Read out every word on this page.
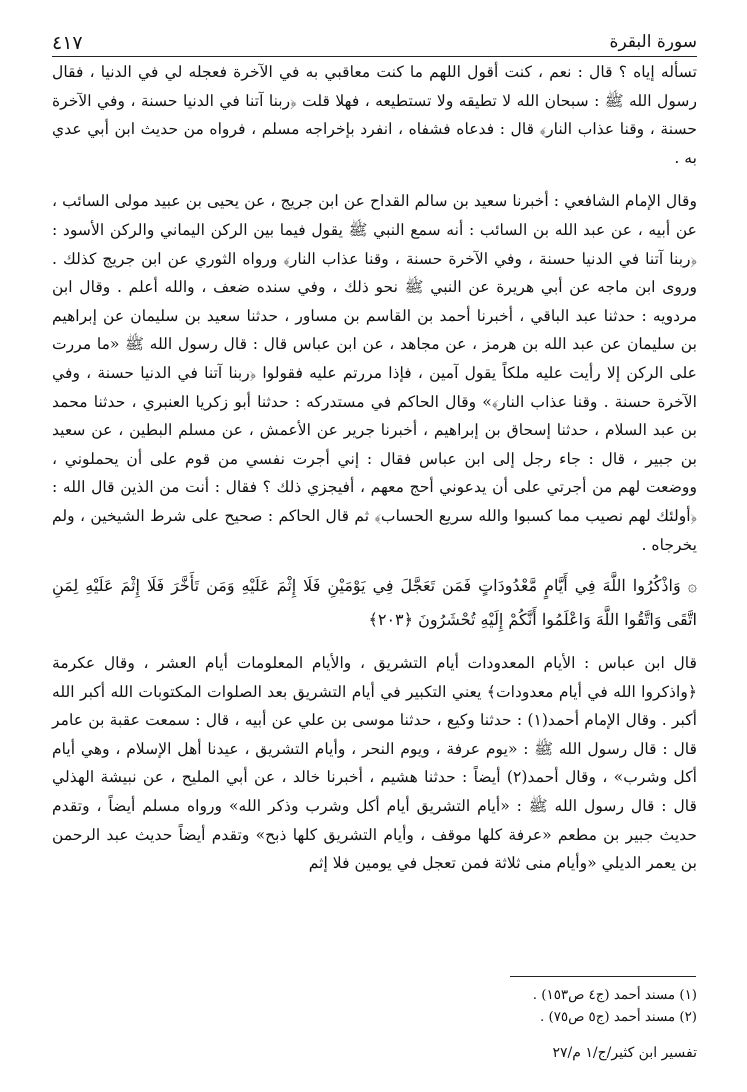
سورة البقرة
٤١٧

تسأله إياه ؟ قال : نعم ، كنت أقول اللهم ما كنت معاقبي به في الآخرة فعجله لي في الدنيا ، فقال رسول الله ﷺ : سبحان الله لا تطيقه ولا تستطيعه ، فهلا قلت ﴿ربنا آتنا في الدنيا حسنة ، وفي الآخرة حسنة ، وقنا عذاب النار﴾ قال : فدعاه فشفاه ، انفرد بإخراجه مسلم ، فرواه من حديث ابن أبي عدي به .

وقال الإمام الشافعي : أخبرنا سعيد بن سالم القداح عن ابن جريج ، عن يحيى بن عبيد مولى السائب ، عن أبيه ، عن عبد الله بن السائب : أنه سمع النبي ﷺ يقول فيما بين الركن اليماني والركن الأسود : ﴿ربنا آتنا في الدنيا حسنة ، وفي الآخرة حسنة ، وقنا عذاب النار﴾ ورواه الثوري عن ابن جريج كذلك . وروى ابن ماجه عن أبي هريرة عن النبي ﷺ نحو ذلك ، وفي سنده ضعف ، والله أعلم . وقال ابن مردويه : حدثنا عبد الباقي ، أخبرنا أحمد بن القاسم بن مساور ، حدثنا سعيد بن سليمان عن إبراهيم بن سليمان عن عبد الله بن هرمز ، عن مجاهد ، عن ابن عباس قال : قال رسول الله ﷺ «ما مررت على الركن إلا رأيت عليه ملكاً يقول آمين ، فإذا مررتم عليه فقولوا ﴿ربنا آتنا في الدنيا حسنة ، وفي الآخرة حسنة . وقنا عذاب النار﴾» وقال الحاكم في مستدركه : حدثنا أبو زكريا العنبري ، حدثنا محمد بن عبد السلام ، حدثنا إسحاق بن إبراهيم ، أخبرنا جرير عن الأعمش ، عن مسلم البطين ، عن سعيد بن جبير ، قال : جاء رجل إلى ابن عباس فقال : إني أجرت نفسي من قوم على أن يحملوني ، ووضعت لهم من أجرتي على أن يدعوني أحج معهم ، أفيجزي ذلك ؟ فقال : أنت من الذين قال الله : ﴿أولئك لهم نصيب مما كسبوا والله سريع الحساب﴾ ثم قال الحاكم : صحيح على شرط الشيخين ، ولم يخرجاه .

۞ وَاذْكُرُوا اللَّهَ فِي أَيَّامٍ مَّعْدُودَاتٍ فَمَن تَعَجَّلَ فِي يَوْمَيْنِ فَلَا إِثْمَ عَلَيْهِ وَمَن تَأَخَّرَ فَلَا إِثْمَ عَلَيْهِ لِمَنِ اتَّقَى وَاتَّقُوا اللَّهَ وَاعْلَمُوا أَنَّكُمْ إِلَيْهِ تُحْشَرُونَ ﴿٢٠٣﴾

قال ابن عباس : الأيام المعدودات أيام التشريق ، والأيام المعلومات أيام العشر ، وقال عكرمة ﴿واذكروا الله في أيام معدودات﴾ يعني التكبير في أيام التشريق بعد الصلوات المكتوبات الله أكبر الله أكبر . وقال الإمام أحمد(١) : حدثنا وكيع ، حدثنا موسى بن علي عن أبيه ، قال : سمعت عقبة بن عامر قال : قال رسول الله ﷺ : «يوم عرفة ، ويوم النحر ، وأيام التشريق ، عيدنا أهل الإسلام ، وهي أيام أكل وشرب» ، وقال أحمد(٢) أيضاً : حدثنا هشيم ، أخبرنا خالد ، عن أبي المليح ، عن نبيشة الهذلي قال : قال رسول الله ﷺ : «أيام التشريق أيام أكل وشرب وذكر الله» ورواه مسلم أيضاً ، وتقدم حديث جبير بن مطعم «عرفة كلها موقف ، وأيام التشريق كلها ذبح» وتقدم أيضاً حديث عبد الرحمن بن يعمر الديلي «وأيام منى ثلاثة فمن تعجل في يومين فلا إثم

(١) مسند أحمد (ج٤ ص١٥٣) .
(٢) مسند أحمد (ج٥ ص٧٥) .
تفسير ابن كثير/ج/١ م/٢٧
